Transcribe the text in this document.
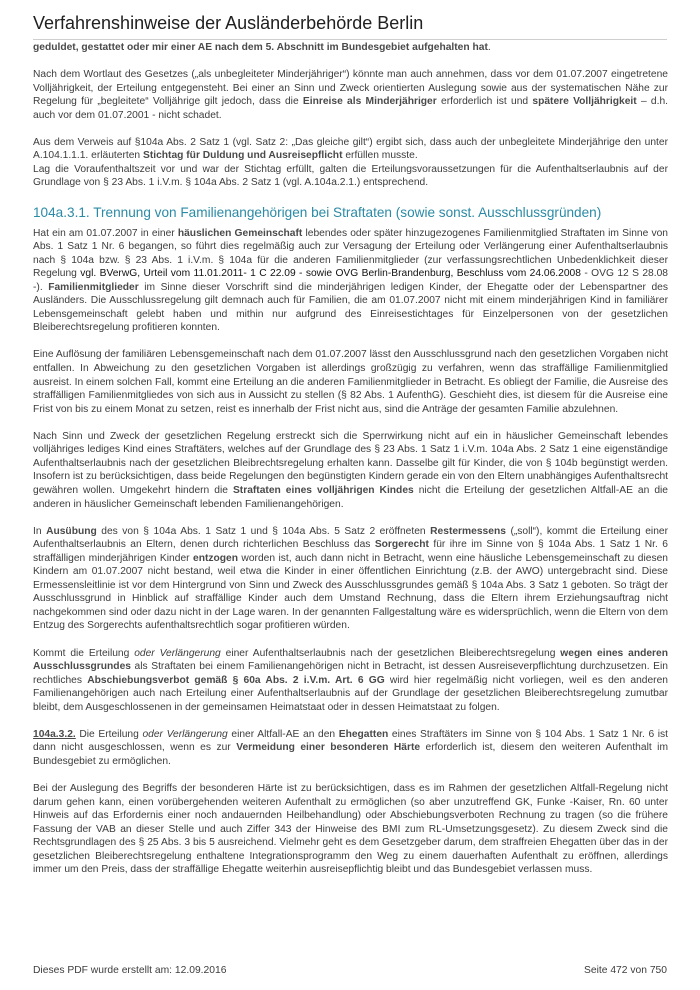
Verfahrenshinweise der Ausländerbehörde Berlin

geduldet, gestattet oder mir einer AE nach dem 5. Abschnitt im Bundesgebiet aufgehalten hat.

Nach dem Wortlaut des Gesetzes („als unbegleiteter Minderjähriger“) könnte man auch annehmen, dass vor dem 01.07.2007 eingetretene Volljährigkeit, der Erteilung entgegensteht. Bei einer an Sinn und Zweck orientierten Auslegung sowie aus der systematischen Nähe zur Regelung für „begleitete“ Volljährige gilt jedoch, dass die Einreise als Minderjähriger erforderlich ist und spätere Volljährigkeit – d.h. auch vor dem 01.07.2001 - nicht schadet.

Aus dem Verweis auf §104a Abs. 2 Satz 1 (vgl. Satz 2: „Das gleiche gilt“) ergibt sich, dass auch der unbegleitete Minderjährige den unter A.104.1.1.1. erläuterten Stichtag für Duldung und Ausreisepflicht erfüllen musste.
Lag die Voraufenthaltszeit vor und war der Stichtag erfüllt, galten die Erteilungsvoraussetzungen für die Aufenthaltserlaubnis auf der Grundlage von § 23 Abs. 1 i.V.m. § 104a Abs. 2 Satz 1 (vgl. A.104a.2.1.) entsprechend.

104a.3.1. Trennung von Familienangehörigen bei Straftaten (sowie sonst. Ausschlussgründen)

Hat ein am 01.07.2007 in einer häuslichen Gemeinschaft lebendes oder später hinzugezogenes Familienmitglied Straftaten im Sinne von Abs. 1 Satz 1 Nr. 6 begangen, so führt dies regelmäßig auch zur Versagung der Erteilung oder Verlängerung einer Aufenthaltserlaubnis nach § 104a bzw. § 23 Abs. 1 i.V.m. § 104a für die anderen Familienmitglieder (zur verfassungsrechtlichen Unbedenklichkeit dieser Regelung vgl. BVerwG, Urteil vom 11.01.2011- 1 C 22.09 - sowie OVG Berlin-Brandenburg, Beschluss vom 24.06.2008 - OVG 12 S 28.08 -). Familienmitglieder im Sinne dieser Vorschrift sind die minderjährigen ledigen Kinder, der Ehegatte oder der Lebenspartner des Ausländers. Die Ausschlussregelung gilt demnach auch für Familien, die am 01.07.2007 nicht mit einem minderjährigen Kind in familiärer Lebensgemeinschaft gelebt haben und mithin nur aufgrund des Einreisestichtages für Einzelpersonen von der gesetzlichen Bleiberechtsregelung profitieren konnten.

Eine Auflösung der familiären Lebensgemeinschaft nach dem 01.07.2007 lässt den Ausschlussgrund nach den gesetzlichen Vorgaben nicht entfallen. In Abweichung zu den gesetzlichen Vorgaben ist allerdings großzügig zu verfahren, wenn das straffällige Familienmitglied ausreist. In einem solchen Fall, kommt eine Erteilung an die anderen Familienmitglieder in Betracht. Es obliegt der Familie, die Ausreise des straffälligen Familienmitgliedes von sich aus in Aussicht zu stellen (§ 82 Abs. 1 AufenthG). Geschieht dies, ist diesem für die Ausreise eine Frist von bis zu einem Monat zu setzen, reist es innerhalb der Frist nicht aus, sind die Anträge der gesamten Familie abzulehnen.

Nach Sinn und Zweck der gesetzlichen Regelung erstreckt sich die Sperrwirkung nicht auf ein in häuslicher Gemeinschaft lebendes volljähriges lediges Kind eines Straftäters, welches auf der Grundlage des § 23 Abs. 1 Satz 1 i.V.m. 104a Abs. 2 Satz 1 eine eigenständige Aufenthaltserlaubnis nach der gesetzlichen Bleibrechtsregelung erhalten kann. Dasselbe gilt für Kinder, die von § 104b begünstigt werden. Insofern ist zu berücksichtigen, dass beide Regelungen den begünstigten Kindern gerade ein von den Eltern unabhängiges Aufenthaltsrecht gewähren wollen. Umgekehrt hindern die Straftaten eines volljährigen Kindes nicht die Erteilung der gesetzlichen Altfall-AE an die anderen in häuslicher Gemeinschaft lebenden Familienangehörigen.

In Ausübung des von § 104a Abs. 1 Satz 1 und § 104a Abs. 5 Satz 2 eröffneten Restermessens („soll“), kommt die Erteilung einer Aufenthaltserlaubnis an Eltern, denen durch richterlichen Beschluss das Sorgerecht für ihre im Sinne von § 104a Abs. 1 Satz 1 Nr. 6 straffälligen minderjährigen Kinder entzogen worden ist, auch dann nicht in Betracht, wenn eine häusliche Lebensgemeinschaft zu diesen Kindern am 01.07.2007 nicht bestand, weil etwa die Kinder in einer öffentlichen Einrichtung (z.B. der AWO) untergebracht sind. Diese Ermessensleitlinie ist vor dem Hintergrund von Sinn und Zweck des Ausschlussgrundes gemäß § 104a Abs. 3 Satz 1 geboten. So trägt der Ausschlussgrund in Hinblick auf straffällige Kinder auch dem Umstand Rechnung, dass die Eltern ihrem Erziehungsauftrag nicht nachgekommen sind oder dazu nicht in der Lage waren. In der genannten Fallgestaltung wäre es widersprüchlich, wenn die Eltern von dem Entzug des Sorgerechts aufenthaltsrechtlich sogar profitieren würden.

Kommt die Erteilung oder Verlängerung einer Aufenthaltserlaubnis nach der gesetzlichen Bleiberechtsregelung wegen eines anderen Ausschlussgrundes als Straftaten bei einem Familienangehörigen nicht in Betracht, ist dessen Ausreiseverpflichtung durchzusetzen. Ein rechtliches Abschiebungsverbot gemäß § 60a Abs. 2 i.V.m. Art. 6 GG wird hier regelmäßig nicht vorliegen, weil es den anderen Familienangehörigen auch nach Erteilung einer Aufenthaltserlaubnis auf der Grundlage der gesetzlichen Bleiberechtsregelung zumutbar bleibt, dem Ausgeschlossenen in der gemeinsamen Heimatstaat oder in dessen Heimatstaat zu folgen.

104a.3.2. Die Erteilung oder Verlängerung einer Altfall-AE an den Ehegatten eines Straftäters im Sinne von § 104 Abs. 1 Satz 1 Nr. 6 ist dann nicht ausgeschlossen, wenn es zur Vermeidung einer besonderen Härte erforderlich ist, diesem den weiteren Aufenthalt im Bundesgebiet zu ermöglichen.

Bei der Auslegung des Begriffs der besonderen Härte ist zu berücksichtigen, dass es im Rahmen der gesetzlichen Altfall-Regelung nicht darum gehen kann, einen vorübergehenden weiteren Aufenthalt zu ermöglichen (so aber unzutreffend GK, Funke -Kaiser, Rn. 60 unter Hinweis auf das Erfordernis einer noch andauernden Heilbehandlung) oder Abschiebungsverboten Rechnung zu tragen (so die frühere Fassung der VAB an dieser Stelle und auch Ziffer 343 der Hinweise des BMI zum RL-Umsetzungsgesetz). Zu diesem Zweck sind die Rechtsgrundlagen des § 25 Abs. 3 bis 5 ausreichend. Vielmehr geht es dem Gesetzgeber darum, dem straffreien Ehegatten über das in der gesetzlichen Bleiberechtsregelung enthaltene Integrationsprogramm den Weg zu einem dauerhaften Aufenthalt zu eröffnen, allerdings immer um den Preis, dass der straffällige Ehegatte weiterhin ausreisepflichtig bleibt und das Bundesgebiet verlassen muss.

Dieses PDF wurde erstellt am: 12.09.2016	Seite 472 von 750
